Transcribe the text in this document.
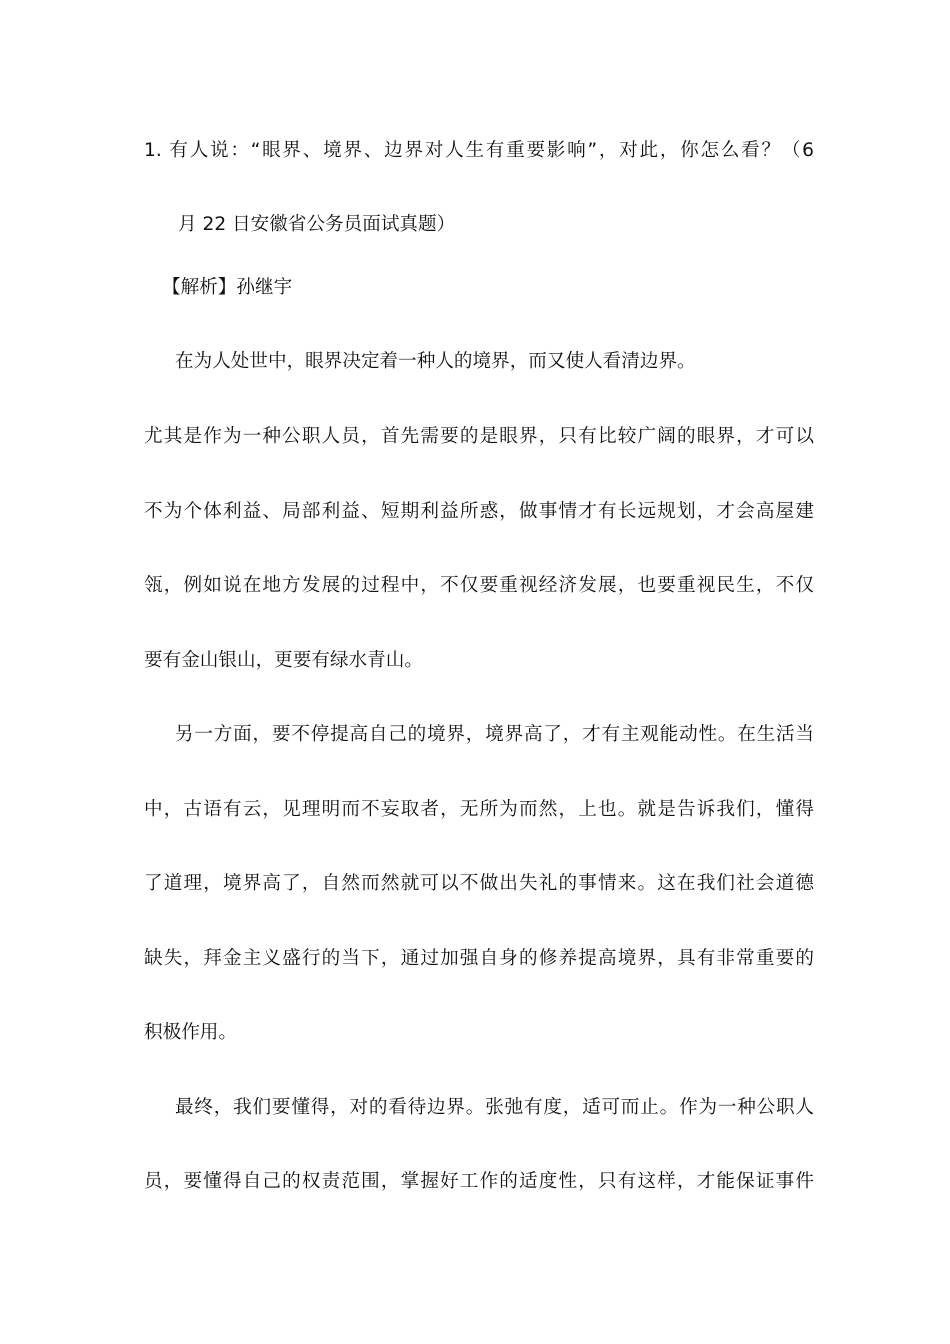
1. 有人说：“眼界、境界、边界对人生有重要影响”，对此，你怎么看？（6
月 22 日安徽省公务员面试真题）
【解析】孙继宇
在为人处世中，眼界决定着一种人的境界，而又使人看清边界。
尤其是作为一种公职人员，首先需要的是眼界，只有比较广阔的眼界，才可以
不为个体利益、局部利益、短期利益所惑，做事情才有长远规划，才会高屋建
瓴，例如说在地方发展的过程中，不仅要重视经济发展，也要重视民生，不仅
要有金山银山，更要有绿水青山。
另一方面，要不停提高自己的境界，境界高了，才有主观能动性。在生活当
中，古语有云，见理明而不妄取者，无所为而然，上也。就是告诉我们，懂得
了道理，境界高了，自然而然就可以不做出失礼的事情来。这在我们社会道德
缺失，拜金主义盛行的当下，通过加强自身的修养提高境界，具有非常重要的
积极作用。
最终，我们要懂得，对的看待边界。张弛有度，适可而止。作为一种公职人
员，要懂得自己的权责范围，掌握好工作的适度性，只有这样，才能保证事件
